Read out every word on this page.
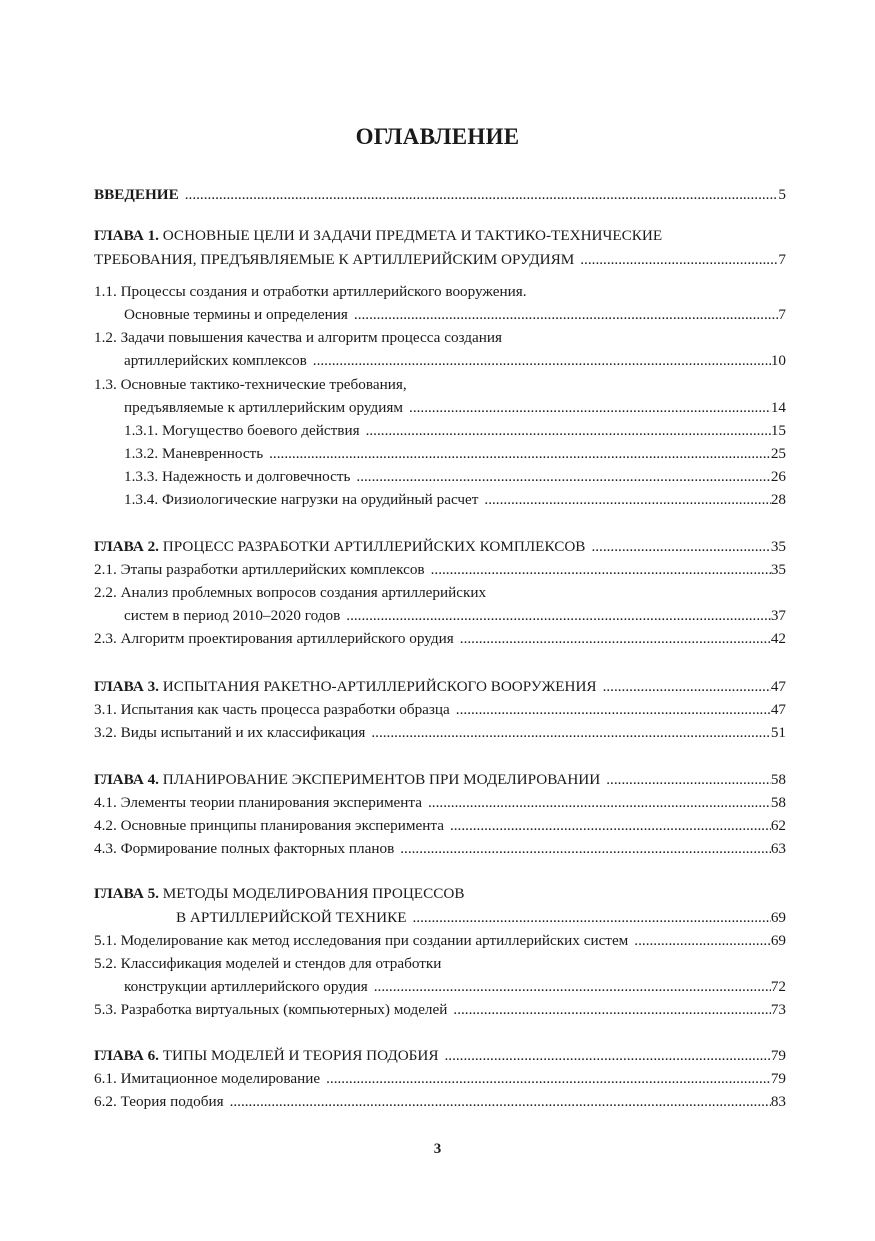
ОГЛАВЛЕНИЕ
ВВЕДЕНИЕ .....	5
ГЛАВА 1. ОСНОВНЫЕ ЦЕЛИ И ЗАДАЧИ ПРЕДМЕТА И ТАКТИКО-ТЕХНИЧЕСКИЕ
ТРЕБОВАНИЯ, ПРЕДЪЯВЛЯЕМЫЕ К АРТИЛЛЕРИЙСКИМ ОРУДИЯМ .....	7
1.1. Процессы создания и отработки артиллерийского вооружения.
Основные термины и определения .....	7
1.2. Задачи повышения качества и алгоритм процесса создания
артиллерийских комплексов .....	10
1.3. Основные тактико-технические требования,
предъявляемые к артиллерийским орудиям .....	14
1.3.1. Могущество боевого действия .....	15
1.3.2. Маневренность .....	25
1.3.3. Надежность и долговечность .....	26
1.3.4. Физиологические нагрузки на орудийный расчет .....	28
ГЛАВА 2. ПРОЦЕСС РАЗРАБОТКИ АРТИЛЛЕРИЙСКИХ КОМПЛЕКСОВ .....	35
2.1. Этапы разработки артиллерийских комплексов .....	35
2.2. Анализ проблемных вопросов создания артиллерийских
систем в период 2010–2020 годов .....	37
2.3. Алгоритм проектирования артиллерийского орудия .....	42
ГЛАВА 3. ИСПЫТАНИЯ РАКЕТНО-АРТИЛЛЕРИЙСКОГО ВООРУЖЕНИЯ .....	47
3.1. Испытания как часть процесса разработки образца .....	47
3.2. Виды испытаний и их классификация .....	51
ГЛАВА 4. ПЛАНИРОВАНИЕ ЭКСПЕРИМЕНТОВ ПРИ МОДЕЛИРОВАНИИ .....	58
4.1. Элементы теории планирования эксперимента .....	58
4.2. Основные принципы планирования эксперимента .....	62
4.3. Формирование полных факторных планов .....	63
ГЛАВА 5. МЕТОДЫ МОДЕЛИРОВАНИЯ ПРОЦЕССОВ
В АРТИЛЛЕРИЙСКОЙ ТЕХНИКЕ .....	69
5.1. Моделирование как метод исследования при создании артиллерийских систем .....	69
5.2. Классификация моделей и стендов для отработки
конструкции артиллерийского орудия .....	72
5.3. Разработка виртуальных (компьютерных) моделей .....	73
ГЛАВА 6. ТИПЫ МОДЕЛЕЙ И ТЕОРИЯ ПОДОБИЯ .....	79
6.1. Имитационное моделирование .....	79
6.2. Теория подобия .....	83
3
